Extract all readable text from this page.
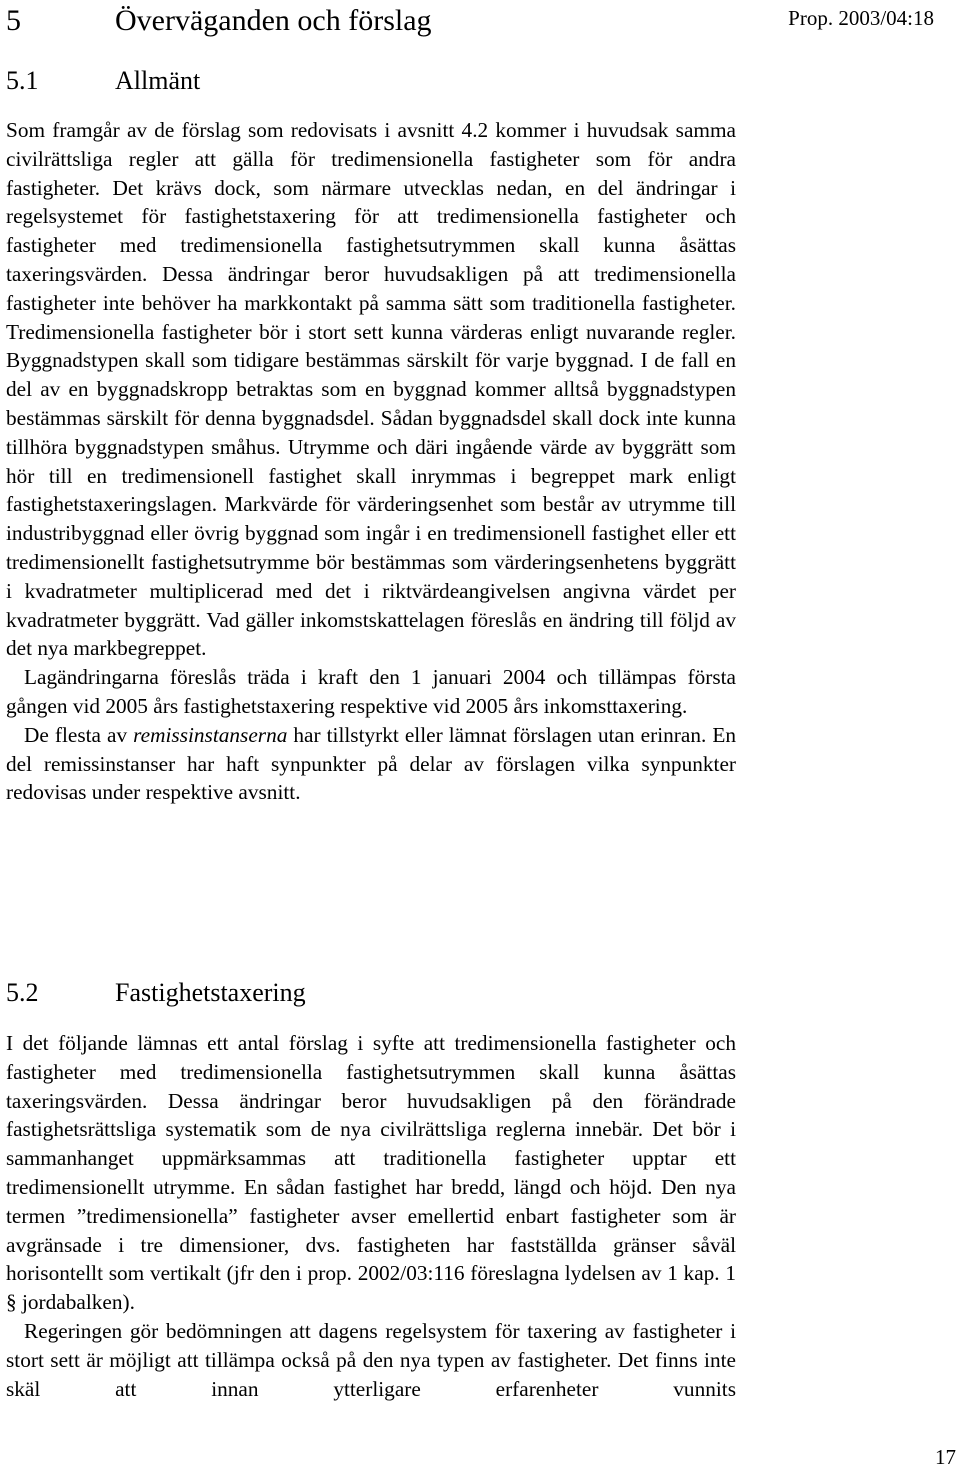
5	Överväganden och förslag	Prop. 2003/04:18
5.1	Allmänt

Som framgår av de förslag som redovisats i avsnitt 4.2 kommer i huvudsak samma civilrättsliga regler att gälla för tredimensionella fastigheter som för andra fastigheter. Det krävs dock, som närmare utvecklas nedan, en del ändringar i regelsystemet för fastighetstaxering för att tredimensionella fastigheter och fastigheter med tredimensionella fastighetsutrymmen skall kunna åsättas taxeringsvärden. Dessa ändringar beror huvudsakligen på att tredimensionella fastigheter inte behöver ha markkontakt på samma sätt som traditionella fastigheter. Tredimensionella fastigheter bör i stort sett kunna värderas enligt nuvarande regler. Byggnadstypen skall som tidigare bestämmas särskilt för varje byggnad. I de fall en del av en byggnadskropp betraktas som en byggnad kommer alltså byggnadstypen bestämmas särskilt för denna byggnadsdel. Sådan byggnadsdel skall dock inte kunna tillhöra byggnadstypen småhus. Utrymme och däri ingående värde av byggrätt som hör till en tredimensionell fastighet skall inrymmas i begreppet mark enligt fastighetstaxeringslagen. Markvärde för värderingsenhet som består av utrymme till industribyggnad eller övrig byggnad som ingår i en tredimensionell fastighet eller ett tredimensionellt fastighetsutrymme bör bestämmas som värderingsenhetens byggrätt i kvadratmeter multiplicerad med det i riktvärdeangivelsen angivna värdet per kvadratmeter byggrätt. Vad gäller inkomstskattelagen föreslås en ändring till följd av det nya markbegreppet.

Lagändringarna föreslås träda i kraft den 1 januari 2004 och tillämpas första gången vid 2005 års fastighetstaxering respektive vid 2005 års inkomsttaxering.

De flesta av remissinstanserna har tillstyrkt eller lämnat förslagen utan erinran. En del remissinstanser har haft synpunkter på delar av förslagen vilka synpunkter redovisas under respektive avsnitt.

5.2	Fastighetstaxering

I det följande lämnas ett antal förslag i syfte att tredimensionella fastigheter och fastigheter med tredimensionella fastighetsutrymmen skall kunna åsättas taxeringsvärden. Dessa ändringar beror huvudsakligen på den förändrade fastighetsrättsliga systematik som de nya civilrättsliga reglerna innebär. Det bör i sammanhanget uppmärksammas att traditionella fastigheter upptar ett tredimensionellt utrymme. En sådan fastighet har bredd, längd och höjd. Den nya termen ”tredimensionella” fastigheter avser emellertid enbart fastigheter som är avgränsade i tre dimensioner, dvs. fastigheten har fastställda gränser såväl horisontellt som vertikalt (jfr den i prop. 2002/03:116 föreslagna lydelsen av 1 kap. 1 § jordabalken).

Regeringen gör bedömningen att dagens regelsystem för taxering av fastigheter i stort sett är möjligt att tillämpa också på den nya typen av fastigheter. Det finns inte skäl att innan ytterligare erfarenheter vunnits

17
